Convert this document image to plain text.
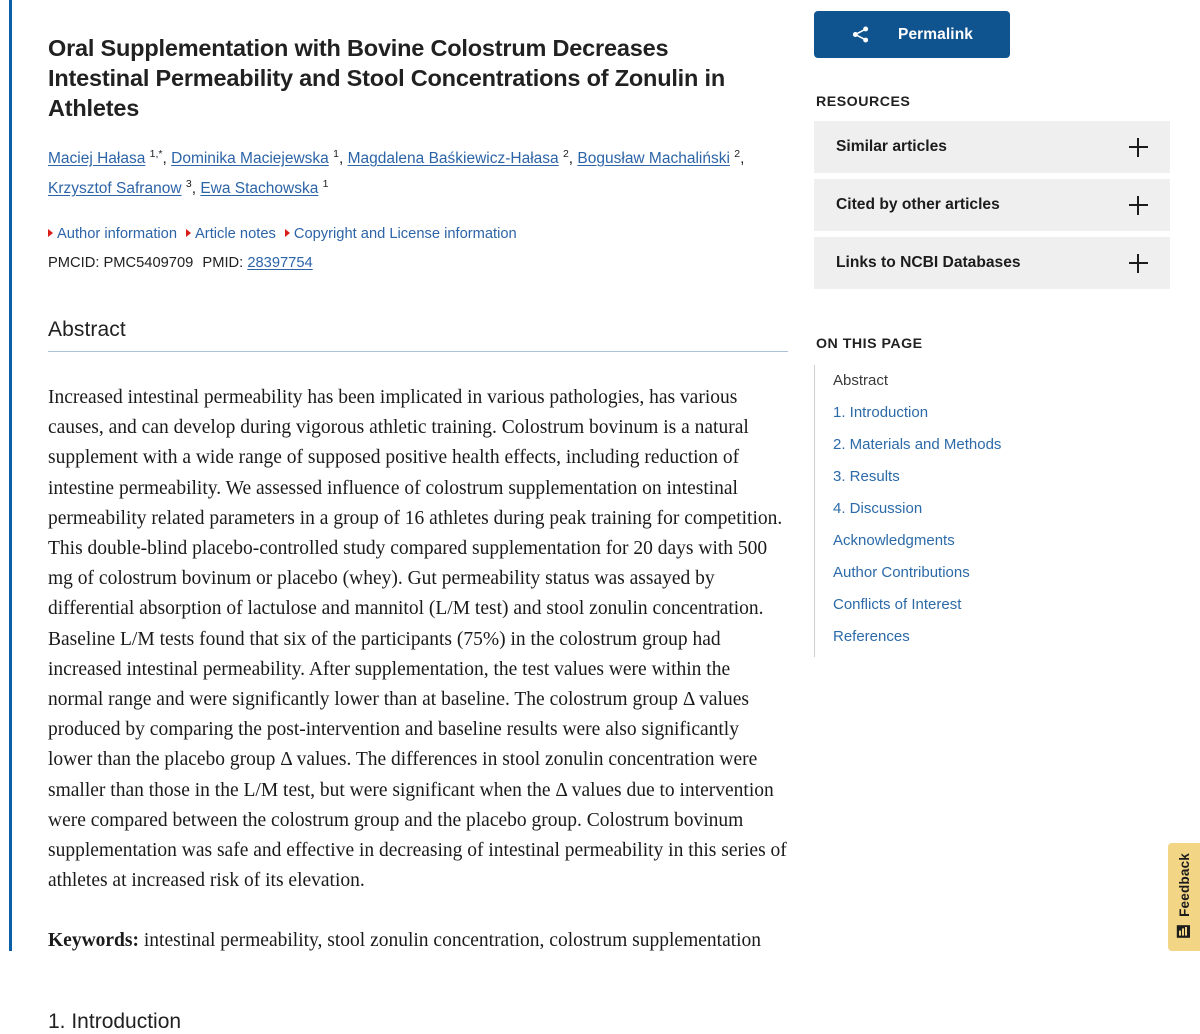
Oral Supplementation with Bovine Colostrum Decreases Intestinal Permeability and Stool Concentrations of Zonulin in Athletes
Maciej Hałasa $^{1,*}$, Dominika Maciejewska $^1$, Magdalena Baśkiewicz-Hałasa $^2$, Bogusław Machaliński $^2$, Krzysztof Safranow $^3$, Ewa Stachowska $^1$
Author information Article notes Copyright and License information
PMCID: PMC5409709 PMID: 28397754
Abstract

Increased intestinal permeability has been implicated in various pathologies, has various causes, and can develop during vigorous athletic training. Colostrum bovinum is a natural supplement with a wide range of supposed positive health effects, including reduction of intestine permeability. We assessed influence of colostrum supplementation on intestinal permeability related parameters in a group of 16 athletes during peak training for competition. This double-blind placebo-controlled study compared supplementation for 20 days with 500 mg of colostrum bovinum or placebo (whey). Gut permeability status was assayed by differential absorption of lactulose and mannitol (L/M test) and stool zonulin concentration. Baseline L/M tests found that six of the participants (75%) in the colostrum group had increased intestinal permeability. After supplementation, the test values were within the normal range and were significantly lower than at baseline. The colostrum group Δ values produced by comparing the post-intervention and baseline results were also significantly lower than the placebo group Δ values. The differences in stool zonulin concentration were smaller than those in the L/M test, but were significant when the Δ values due to intervention were compared between the colostrum group and the placebo group. Colostrum bovinum supplementation was safe and effective in decreasing of intestinal permeability in this series of athletes at increased risk of its elevation.

Keywords: intestinal permeability, stool zonulin concentration, colostrum supplementation
1. Introduction
Permalink
RESOURCES
Similar articles
Cited by other articles
Links to NCBI Databases
ON THIS PAGE
Abstract
1. Introduction
2. Materials and Methods
3. Results
4. Discussion
Acknowledgments
Author Contributions
Conflicts of Interest
References
Feedback
